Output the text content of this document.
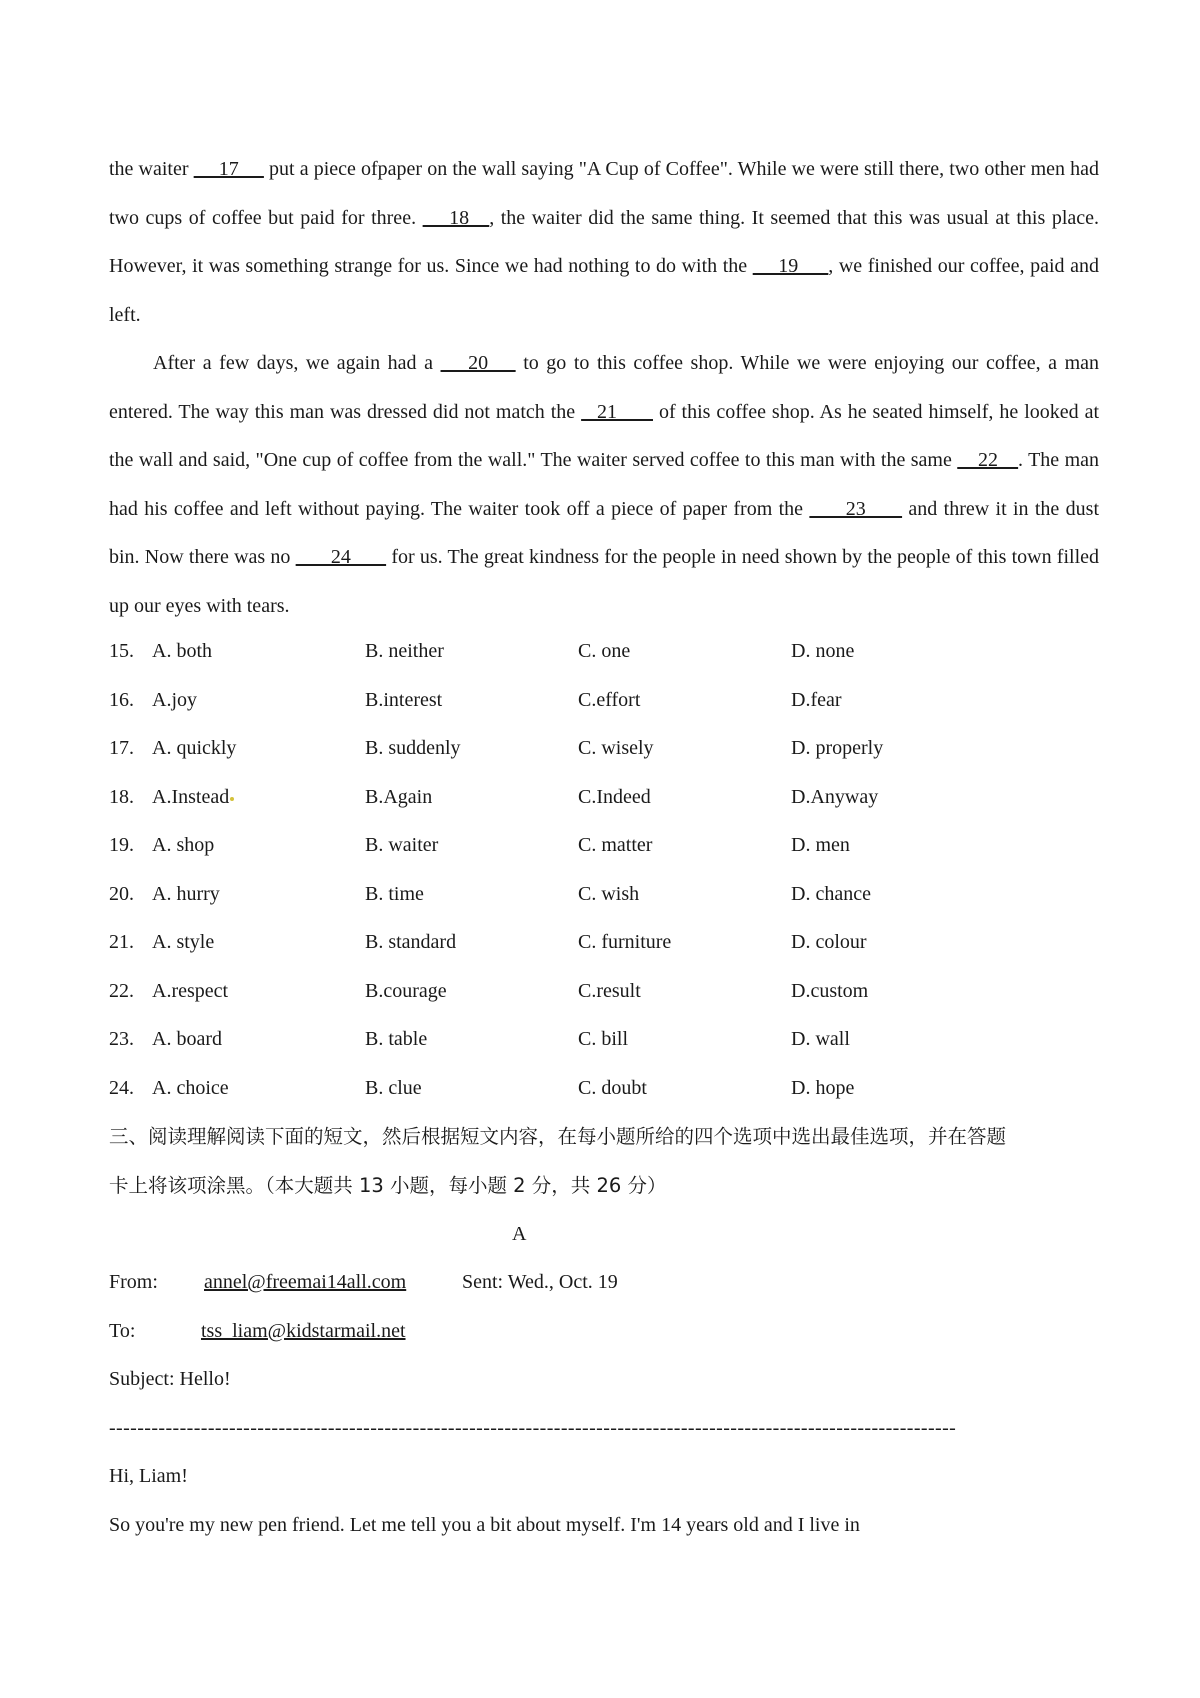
the waiter  __17__  put a piece ofpaper on the wall saying "A Cup of Coffee". While we were still there, two other men had two cups of coffee but paid for three.  __18__, the waiter did the same thing. It seemed that this was usual at this place. However, it was something strange for us. Since we had nothing to do with the  __19___, we finished our coffee, paid and left.

After a few days, we again had a  __20__  to go to this coffee shop. While we were enjoying our coffee, a man entered. The way this man was dressed did not match the  _21___  of this coffee shop. As he seated himself, he looked at the wall and said, "One cup of coffee from the wall." The waiter served coffee to this man with the same  _ 22__. The man had his coffee and left without paying. The waiter took off a piece of paper from the  ___23___  and threw it in the dust bin. Now there was no  ___24___  for us. The great kindness for the people in need shown by the people of this town filled up our eyes with tears.

15. A. both	B. neither	C. one	D. none
16. A.joy	B.interest	C.effort	D.fear
17. A. quickly	B. suddenly	C. wisely	D. properly
18. A.Instead	B.Again	C.Indeed	D.Anyway
19. A. shop	B. waiter	C. matter	D. men
20. A. hurry	B. time	C. wish	D. chance
21. A. style	B. standard	C. furniture	D. colour
22. A.respect	B.courage	C.result	D.custom
23. A. board	B. table	C. bill	D. wall
24. A. choice	B. clue	C. doubt	D. hope

三、阅读理解阅读下面的短文，然后根据短文内容，在每小题所给的四个选项中选出最佳选项，并在答题

卡上将该项涂黑。（本大题共 13 小题，每小题 2 分，共 26 分）

A
From: annel@freemai14all.com	Sent: Wed., Oct. 19
To:	tss_liam@kidstarmail.net
Subject: Hello!
------------------------------------------------------------------------------------------------------------------------
Hi, Liam!
So you're my new pen friend. Let me tell you a bit about myself. I'm 14 years old and I live in
